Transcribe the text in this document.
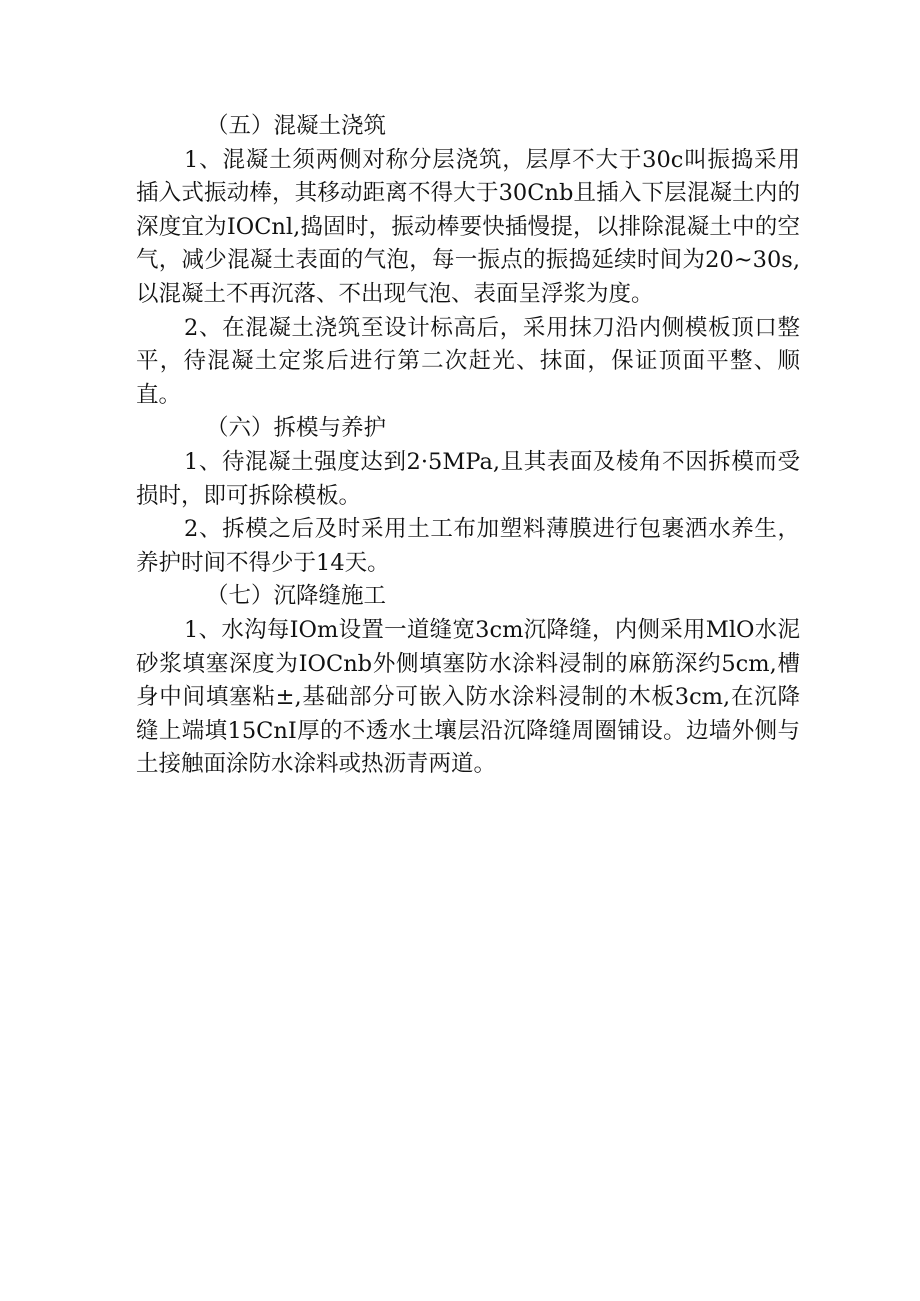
（五）混凝土浇筑

1、混凝土须两侧对称分层浇筑，层厚不大于30c叫振捣采用插入式振动棒，其移动距离不得大于30Cnb且插入下层混凝土内的深度宜为IOCnl,捣固时，振动棒要快插慢提，以排除混凝土中的空气，减少混凝土表面的气泡，每一振点的振捣延续时间为20~30s,以混凝土不再沉落、不出现气泡、表面呈浮浆为度。

2、在混凝土浇筑至设计标高后，采用抹刀沿内侧模板顶口整平，待混凝土定浆后进行第二次赶光、抹面，保证顶面平整、顺直。

（六）拆模与养护

1、待混凝土强度达到2·5MPa,且其表面及棱角不因拆模而受损时，即可拆除模板。

2、拆模之后及时采用土工布加塑料薄膜进行包裹洒水养生，养护时间不得少于14天。

（七）沉降缝施工

1、水沟每IOm设置一道缝宽3cm沉降缝，内侧采用MlO水泥砂浆填塞深度为IOCnb外侧填塞防水涂料浸制的麻筋深约5cm,槽身中间填塞粘±,基础部分可嵌入防水涂料浸制的木板3cm,在沉降缝上端填15CnI厚的不透水土壤层沿沉降缝周圈铺设。边墙外侧与土接触面涂防水涂料或热沥青两道。
